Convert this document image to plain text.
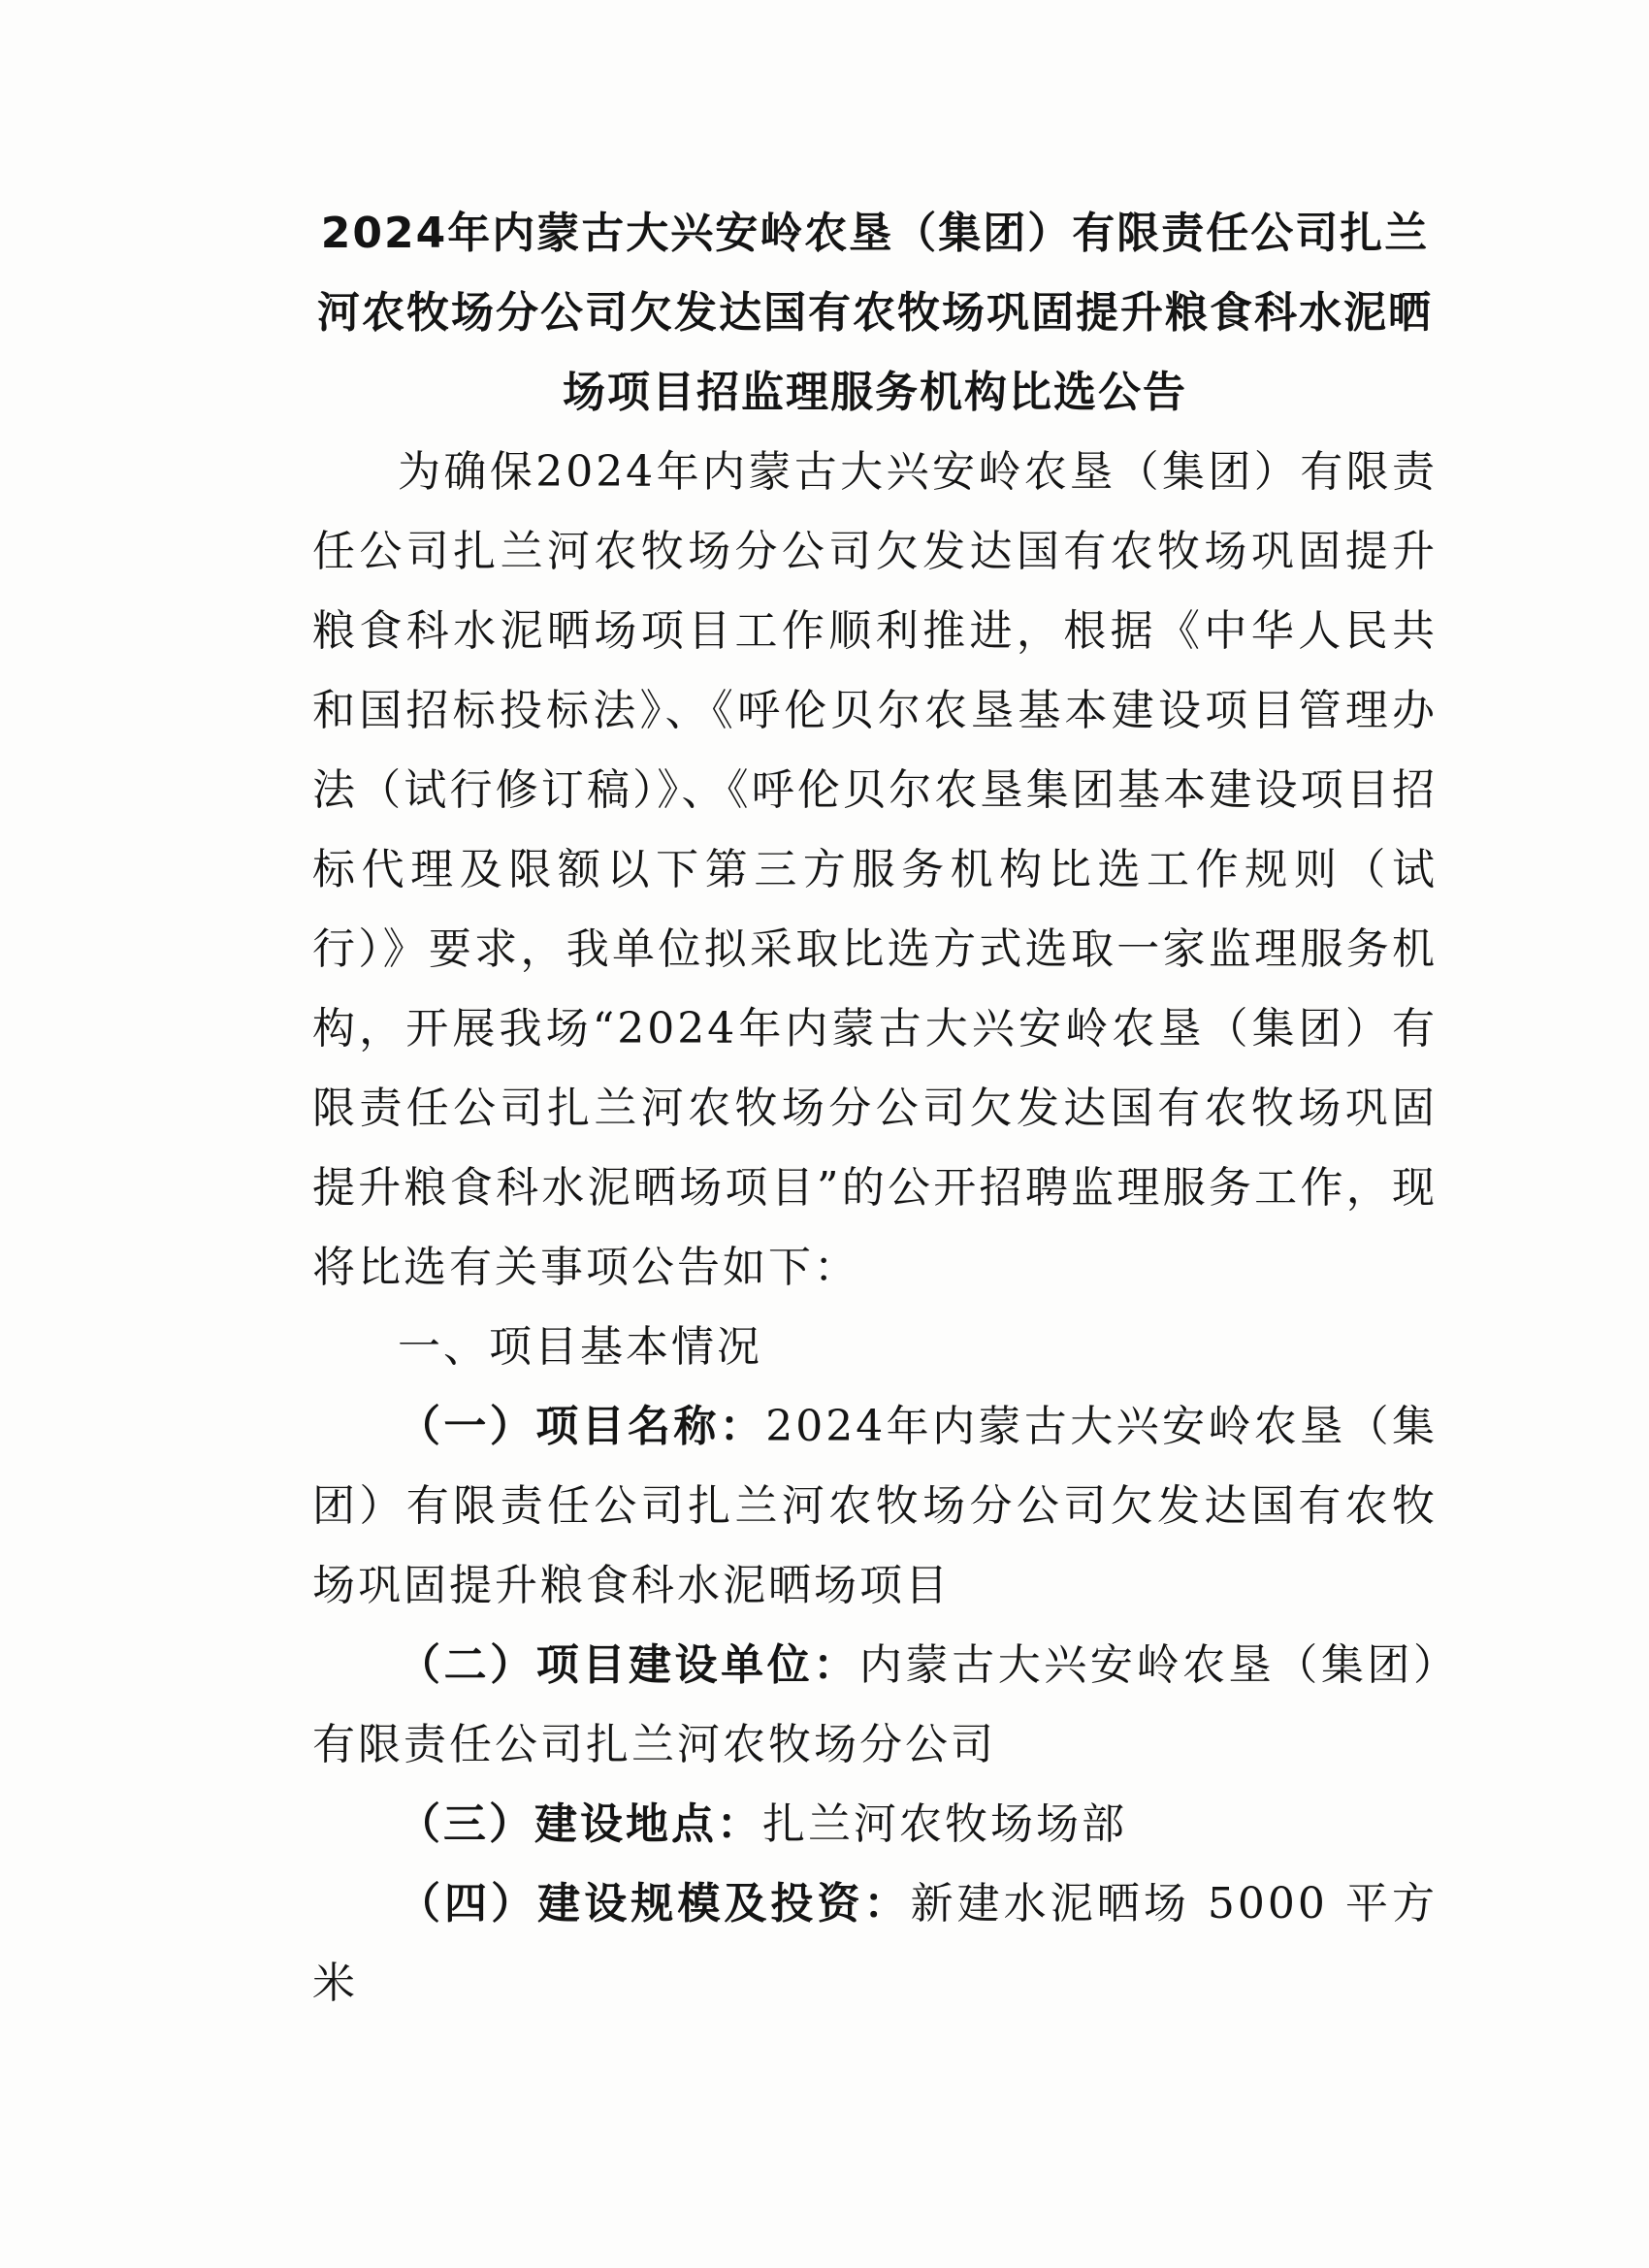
2024年内蒙古大兴安岭农垦（集团）有限责任公司扎兰河农牧场分公司欠发达国有农牧场巩固提升粮食科水泥晒场项目招监理服务机构比选公告

为确保2024年内蒙古大兴安岭农垦（集团）有限责任公司扎兰河农牧场分公司欠发达国有农牧场巩固提升粮食科水泥晒场项目工作顺利推进，根据《中华人民共和国招标投标法》、《呼伦贝尔农垦基本建设项目管理办法（试行修订稿）》、《呼伦贝尔农垦集团基本建设项目招标代理及限额以下第三方服务机构比选工作规则（试行）》要求，我单位拟采取比选方式选取一家监理服务机构，开展我场“2024年内蒙古大兴安岭农垦（集团）有限责任公司扎兰河农牧场分公司欠发达国有农牧场巩固提升粮食科水泥晒场项目”的公开招聘监理服务工作，现将比选有关事项公告如下：

一、项目基本情况

（一）项目名称：2024年内蒙古大兴安岭农垦（集团）有限责任公司扎兰河农牧场分公司欠发达国有农牧场巩固提升粮食科水泥晒场项目

（二）项目建设单位：内蒙古大兴安岭农垦（集团）有限责任公司扎兰河农牧场分公司

（三）建设地点：扎兰河农牧场场部

（四）建设规模及投资：新建水泥晒场 5000 平方米
